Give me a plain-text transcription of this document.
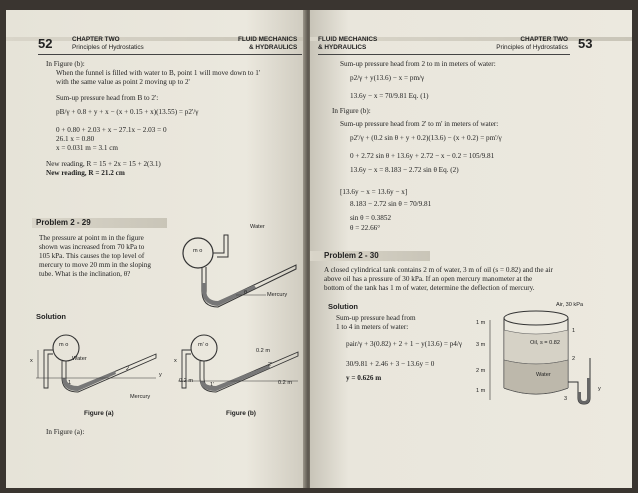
52	CHAPTER TWO
Principles of Hydrostatics
FLUID MECHANICS
& HYDRAULICS
In Figure (b):
When the funnel is filled with water to B, point 1 will move down to 1'
with the same value as point 2 moving up to 2'
Sum-up pressure head from B to 2':
pB/γ + 0.8 + y + x − (x + 0.15 + x)(13.55) = p2'/γ
0 + 0.80 + 2.03 + x − 27.1x − 2.03 = 0
26.1 x = 0.80
x = 0.031 m = 3.1 cm
New reading, R = 15 + 2x = 15 + 2(3.1)
New reading, R = 21.2 cm
Problem 2 - 29
The pressure at point m in the figure
shown was increased from 70 kPa to
105 kPa. This causes the top level of
mercury to move 20 mm in the sloping
tube. What is the inclination, θ?
Water
m o
Mercury
θ
Solution
m o
Water
Mercury
x
y
1
2
Figure (a)
m' o
0.2 m
0.2 m	0.2 m
1'
2'
x
Figure (b)
In Figure (a):
FLUID MECHANICS
& HYDRAULICS
CHAPTER TWO
Principles of Hydrostatics 53
Sum-up pressure head from 2 to m in meters of water:
p2/γ + y(13.6) − x = pm/γ
13.6y − x = 70/9.81 Eq. (1)
In Figure (b):
Sum-up pressure head from 2' to m' in meters of water:
p2'/γ + (0.2 sin θ + y + 0.2)(13.6) − (x + 0.2) = pm'/γ
0 + 2.72 sin θ + 13.6y + 2.72 − x − 0.2 = 105/9.81
13.6y − x = 8.183 − 2.72 sin θ Eq. (2)
[13.6y − x = 13.6y − x]
8.183 − 2.72 sin θ = 70/9.81
sin θ = 0.3852
θ = 22.66°
Problem 2 - 30
A closed cylindrical tank contains 2 m of water, 3 m of oil (s = 0.82) and the air
above oil has a pressure of 30 kPa. If an open mercury manometer at the
bottom of the tank has 1 m of water, determine the deflection of mercury.
Solution
Sum-up pressure head from
1 to 4 in meters of water:
pair/γ + 3(0.82) + 2 + 1 − y(13.6) = p4/γ
30/9.81 + 2.46 + 3 − 13.6y = 0
y = 0.626 m
Air, 30 kPa
Oil, s = 0.82
Water
1 m
3 m
2 m
1 m
1
2
3
y
